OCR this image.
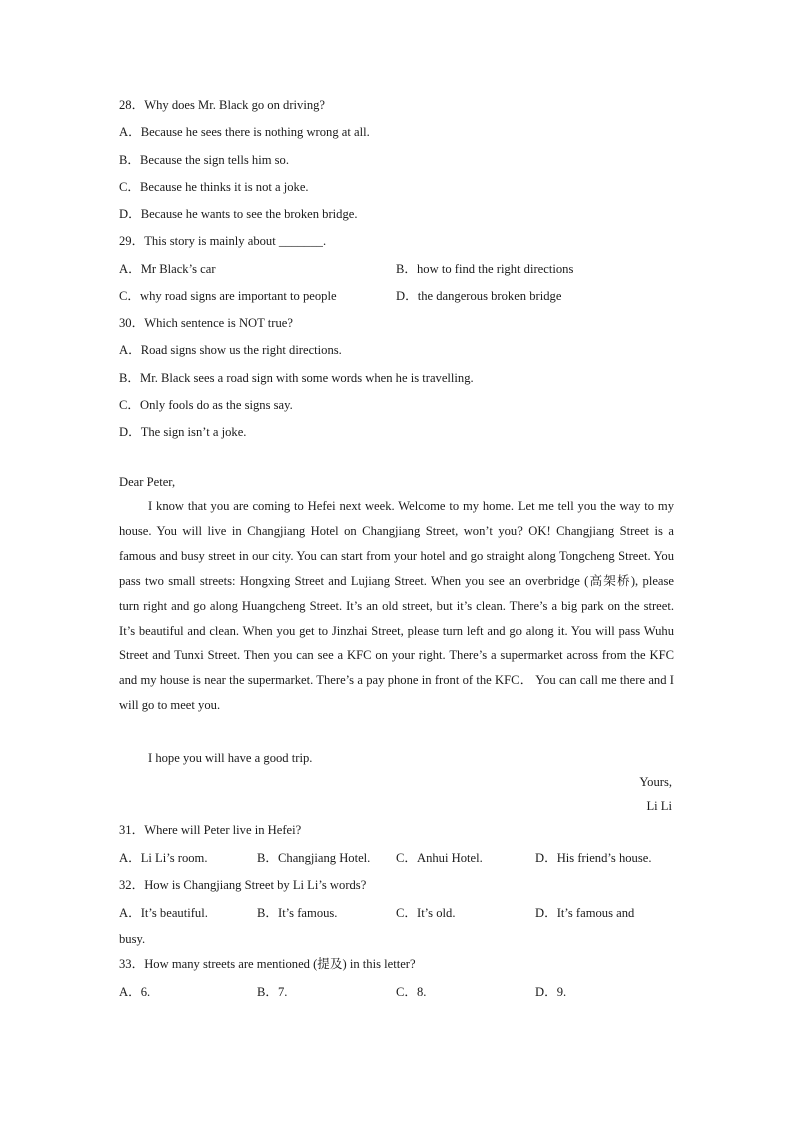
28．Why does Mr. Black go on driving?
A．Because he sees there is nothing wrong at all.
B．Because the sign tells him so.
C．Because he thinks it is not a joke.
D．Because he wants to see the broken bridge.
29．This story is mainly about _______.
A．Mr Black’s car	B．how to find the right directions
C．why road signs are important to people	D．the dangerous broken bridge
30．Which sentence is NOT true?
A．Road signs show us the right directions.
B．Mr. Black sees a road sign with some words when he is travelling.
C．Only fools do as the signs say.
D．The sign isn’t a joke.
Dear Peter,

I know that you are coming to Hefei next week. Welcome to my home. Let me tell you the way to my house. You will live in Changjiang Hotel on Changjiang Street, won’t you? OK! Changjiang Street is a famous and busy street in our city. You can start from your hotel and go straight along Tongcheng Street. You pass two small streets: Hongxing Street and Lujiang Street. When you see an overbridge (高架桥), please turn right and go along Huangcheng Street. It’s an old street, but it’s clean. There’s a big park on the street. It’s beautiful and clean. When you get to Jinzhai Street, please turn left and go along it. You will pass Wuhu Street and Tunxi Street. Then you can see a KFC on your right. There’s a supermarket across from the KFC and my house is near the supermarket. There’s a pay phone in front of the KFC． You can call me there and I will go to meet you.

I hope you will have a good trip.
Yours,
Li Li
31．Where will Peter live in Hefei?
A．Li Li’s room.	B．Changjiang Hotel. C．Anhui Hotel.	D．His friend’s house.
32．How is Changjiang Street by Li Li’s words?
A．It’s beautiful.	B．It’s famous.	C．It’s old.	D．It’s famous and
busy.
33．How many streets are mentioned (提及) in this letter?
A．6.	B．7.	C．8.	D．9.
